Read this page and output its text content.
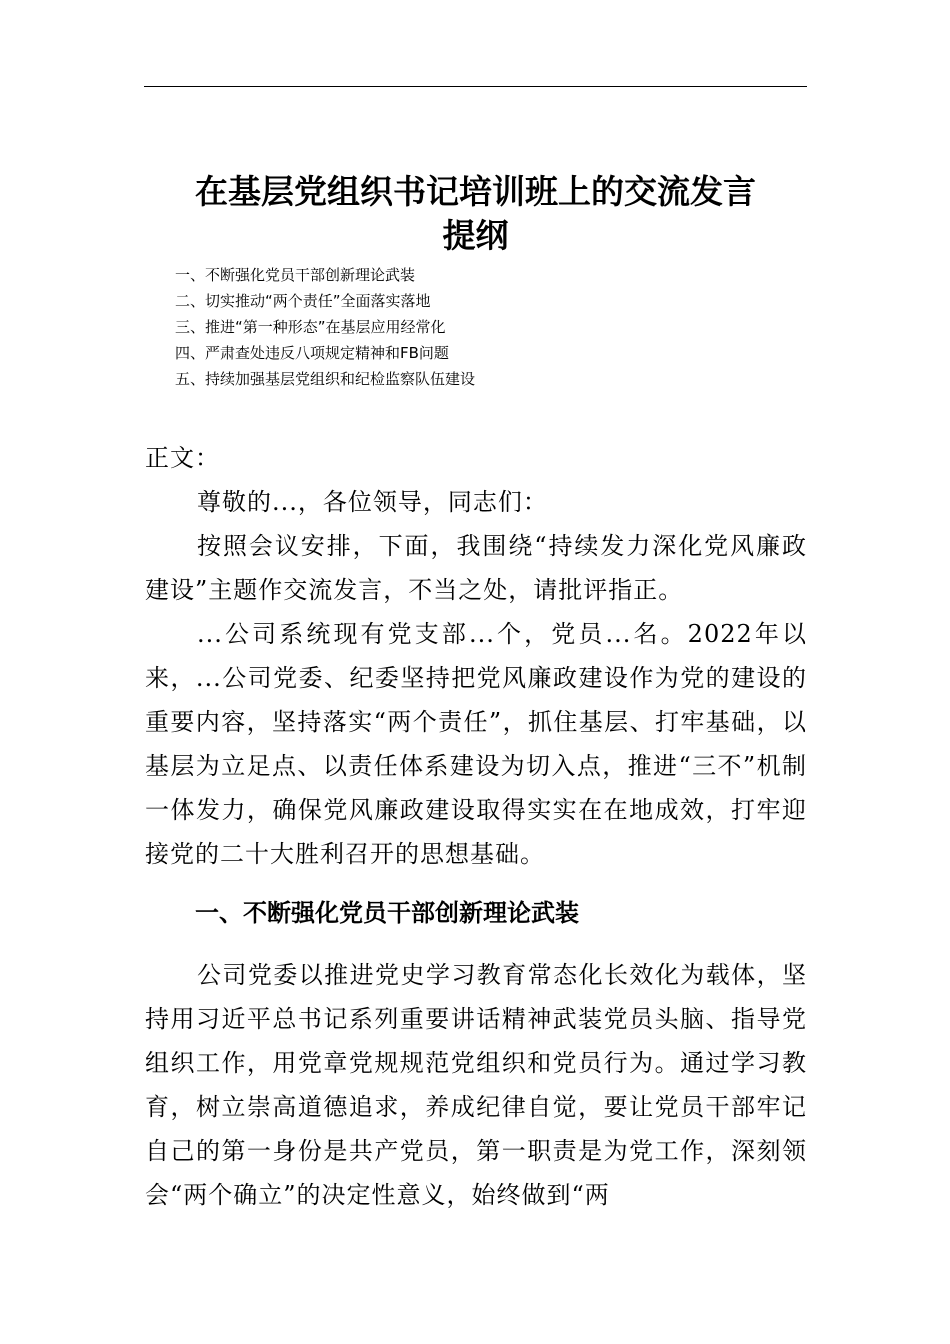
在基层党组织书记培训班上的交流发言
提纲
一、不断强化党员干部创新理论武装
二、切实推动“两个责任”全面落实落地
三、推进“第一种形态”在基层应用经常化
四、严肃查处违反八项规定精神和FB问题
五、持续加强基层党组织和纪检监察队伍建设

正文：

尊敬的...，各位领导，同志们：

按照会议安排，下面，我围绕“持续发力深化党风廉政建设”主题作交流发言，不当之处，请批评指正。

...公司系统现有党支部...个，党员...名。2022年以来，...公司党委、纪委坚持把党风廉政建设作为党的建设的重要内容，坚持落实“两个责任”，抓住基层、打牢基础，以基层为立足点、以责任体系建设为切入点，推进“三不”机制一体发力，确保党风廉政建设取得实实在在地成效，打牢迎接党的二十大胜利召开的思想基础。

一、不断强化党员干部创新理论武装

公司党委以推进党史学习教育常态化长效化为载体，坚持用习近平总书记系列重要讲话精神武装党员头脑、指导党组织工作，用党章党规规范党组织和党员行为。通过学习教育，树立崇高道德追求，养成纪律自觉，要让党员干部牢记自己的第一身份是共产党员，第一职责是为党工作，深刻领会“两个确立”的决定性意义，始终做到“两
